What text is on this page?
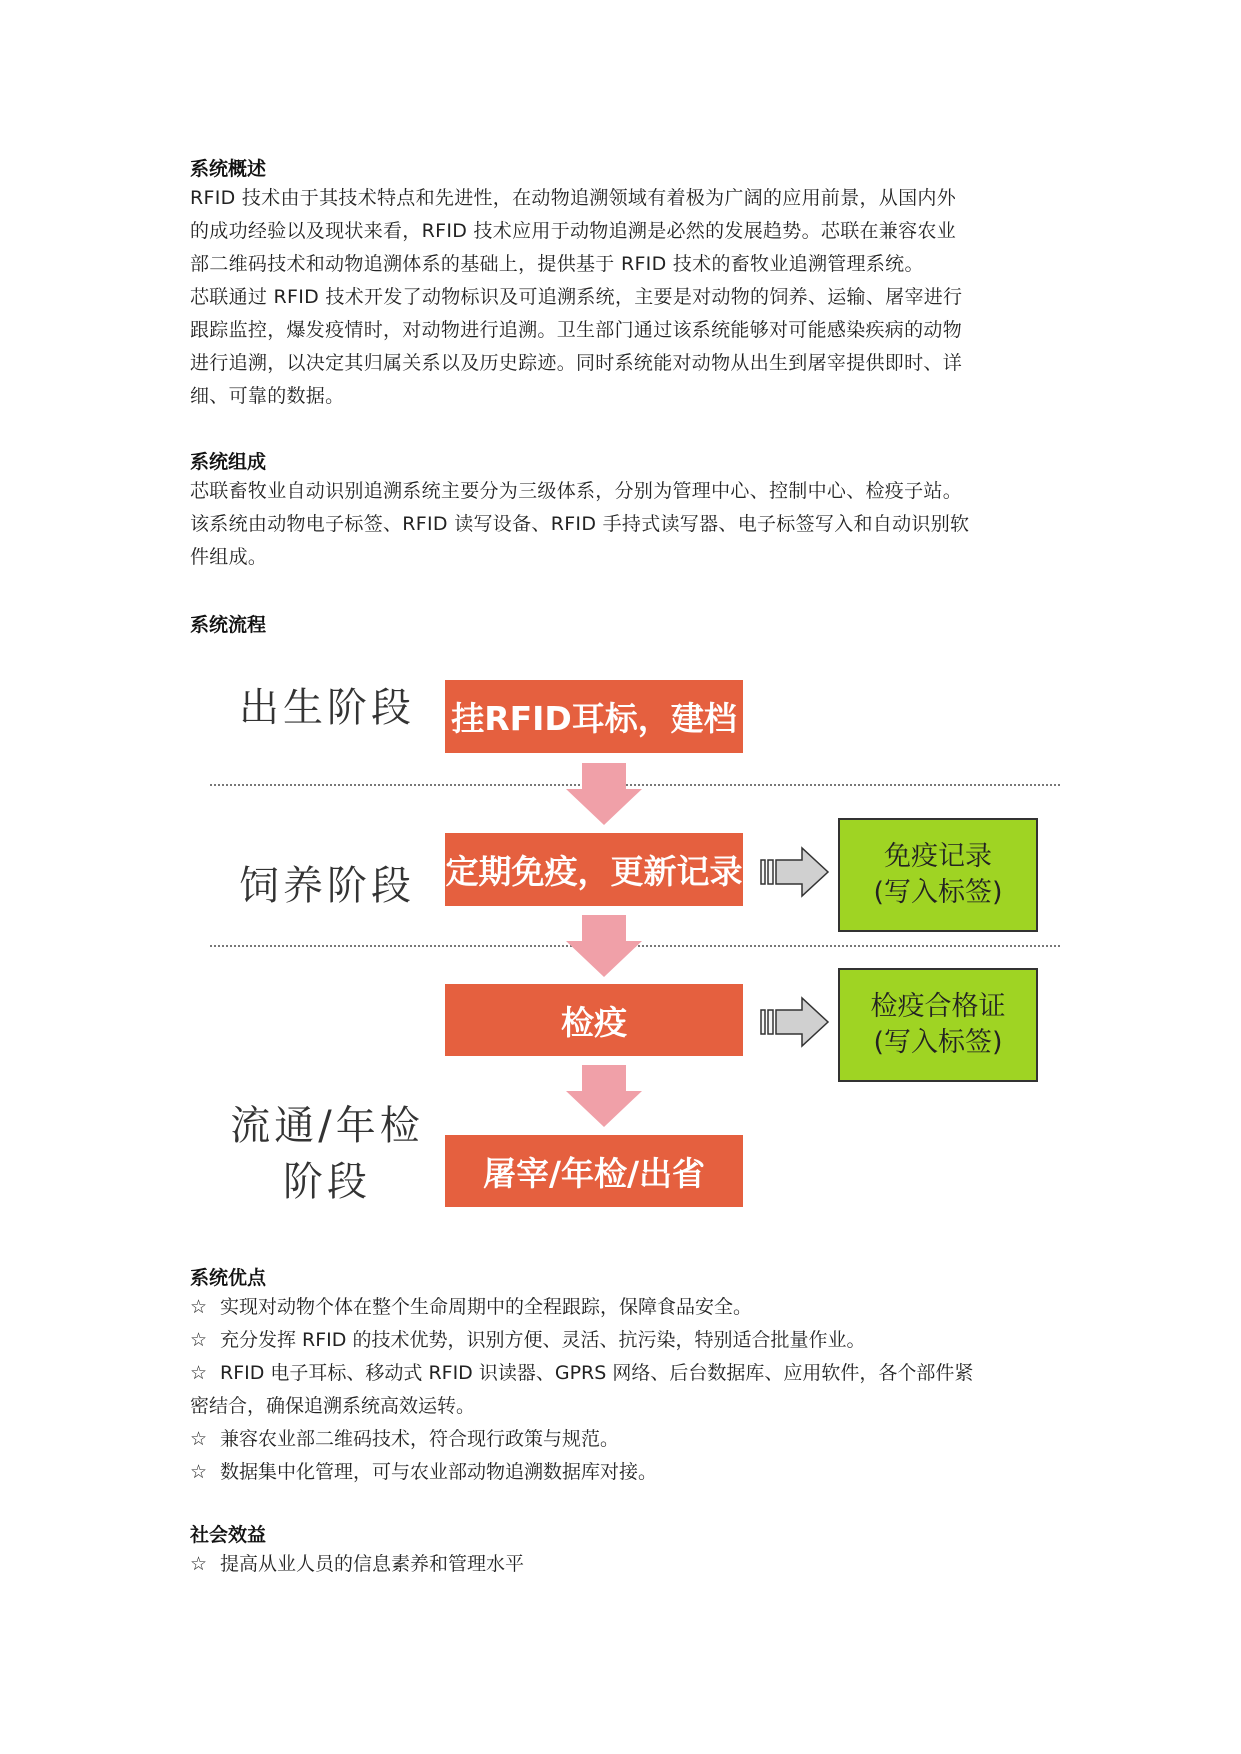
系统概述

RFID 技术由于其技术特点和先进性，在动物追溯领域有着极为广阔的应用前景，从国内外

的成功经验以及现状来看，RFID 技术应用于动物追溯是必然的发展趋势。芯联在兼容农业

部二维码技术和动物追溯体系的基础上，提供基于 RFID 技术的畜牧业追溯管理系统。

芯联通过 RFID 技术开发了动物标识及可追溯系统，主要是对动物的饲养、运输、屠宰进行

跟踪监控，爆发疫情时，对动物进行追溯。卫生部门通过该系统能够对可能感染疾病的动物

进行追溯，以决定其归属关系以及历史踪迹。同时系统能对动物从出生到屠宰提供即时、详

细、可靠的数据。

系统组成

芯联畜牧业自动识别追溯系统主要分为三级体系，分别为管理中心、控制中心、检疫子站。

该系统由动物电子标签、RFID 读写设备、RFID 手持式读写器、电子标签写入和自动识别软

件组成。

系统流程
出生阶段
饲养阶段
流通/年检
阶段
挂RFID耳标，建档
定期免疫，更新记录
检疫
屠宰/年检/出省
免疫记录
(写入标签)
检疫合格证
(写入标签)
系统优点
☆ 实现对动物个体在整个生命周期中的全程跟踪，保障食品安全。
☆ 充分发挥 RFID 的技术优势，识别方便、灵活、抗污染，特别适合批量作业。
☆ RFID 电子耳标、移动式 RFID 识读器、GPRS 网络、后台数据库、应用软件，各个部件紧
密结合，确保追溯系统高效运转。
☆ 兼容农业部二维码技术，符合现行政策与规范。
☆ 数据集中化管理，可与农业部动物追溯数据库对接。
社会效益
☆ 提高从业人员的信息素养和管理水平
